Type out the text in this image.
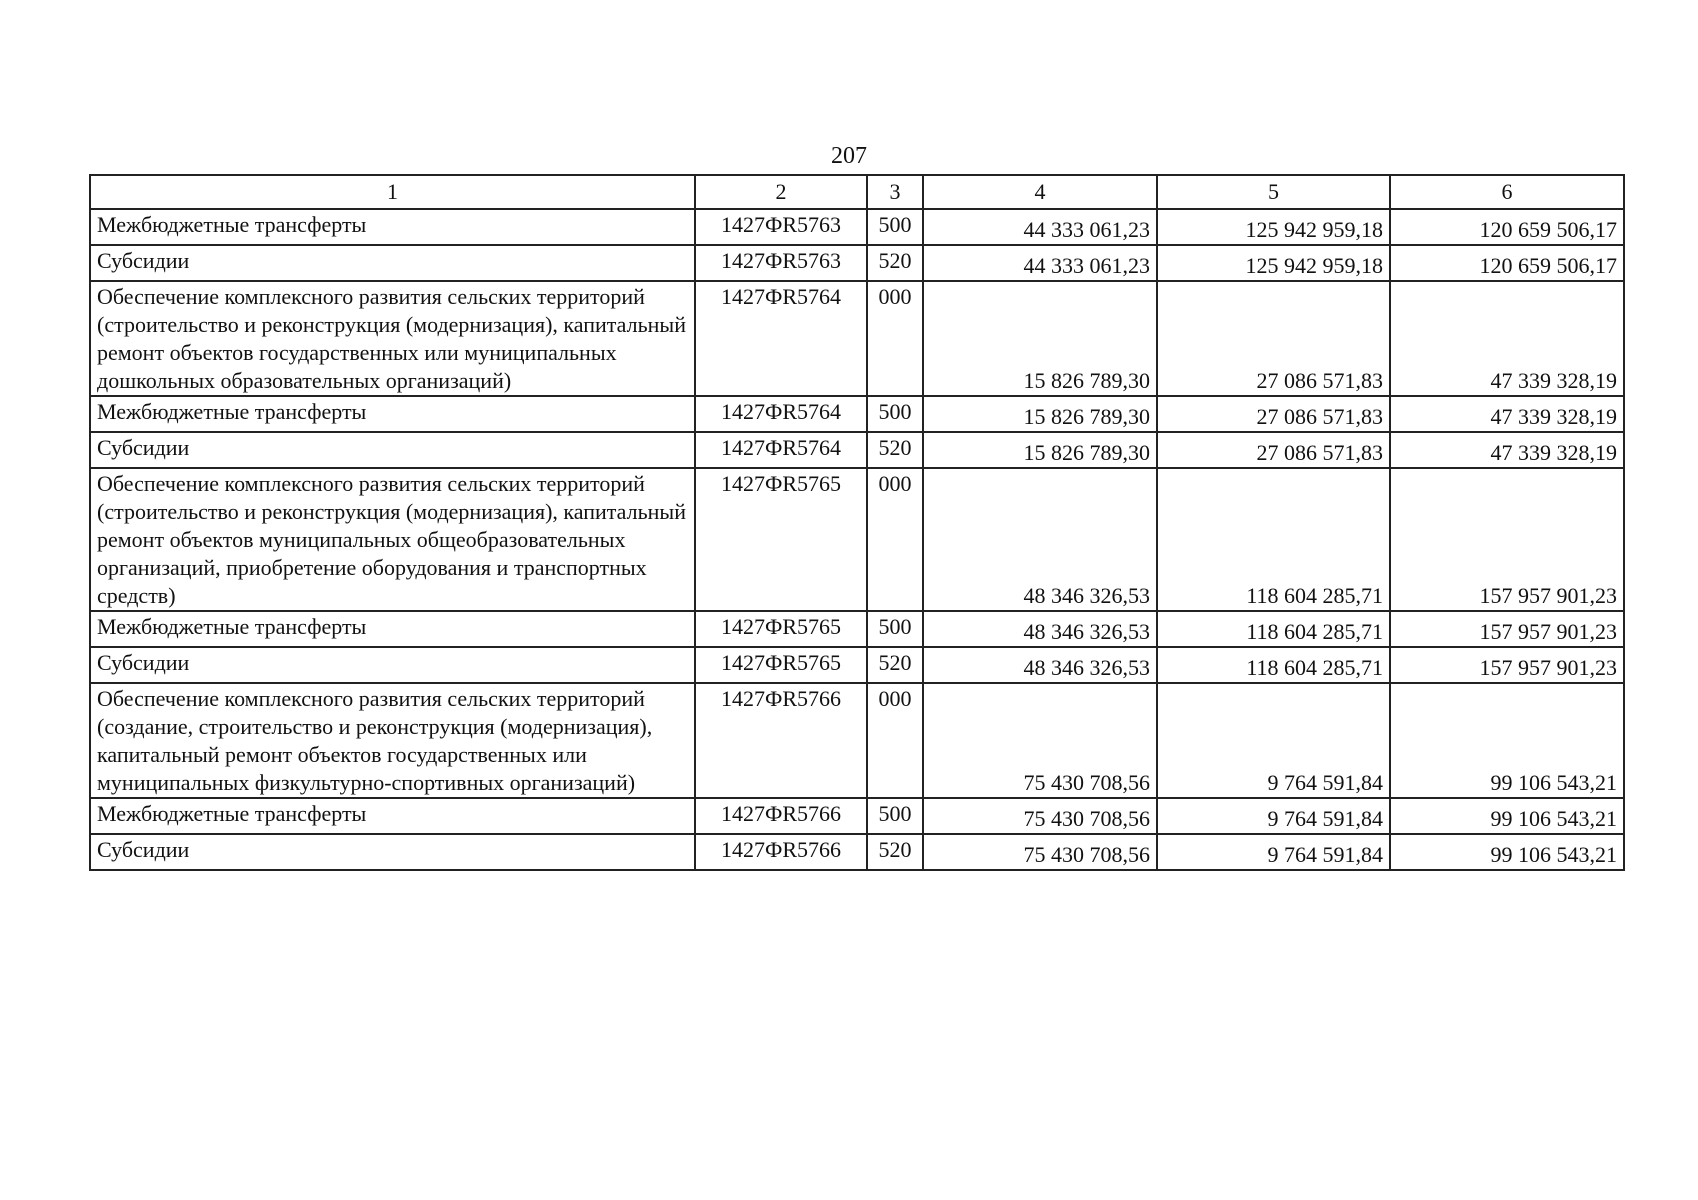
207
1	2	3	4	5	6
Межбюджетные трансферты	1427ФR5763	500	44 333 061,23	125 942 959,18	120 659 506,17
Субсидии	1427ФR5763	520	44 333 061,23	125 942 959,18	120 659 506,17
Обеспечение комплексного развития сельских территорий (строительство и реконструкция (модернизация), капитальный ремонт объектов государственных или муниципальных дошкольных образовательных организаций)	1427ФR5764	000	15 826 789,30	27 086 571,83	47 339 328,19
Межбюджетные трансферты	1427ФR5764	500	15 826 789,30	27 086 571,83	47 339 328,19
Субсидии	1427ФR5764	520	15 826 789,30	27 086 571,83	47 339 328,19
Обеспечение комплексного развития сельских территорий (строительство и реконструкция (модернизация), капитальный ремонт объектов муниципальных общеобразовательных организаций, приобретение оборудования и транспортных средств)	1427ФR5765	000	48 346 326,53	118 604 285,71	157 957 901,23
Межбюджетные трансферты	1427ФR5765	500	48 346 326,53	118 604 285,71	157 957 901,23
Субсидии	1427ФR5765	520	48 346 326,53	118 604 285,71	157 957 901,23
Обеспечение комплексного развития сельских территорий (создание, строительство и реконструкция (модернизация), капитальный ремонт объектов государственных или муниципальных физкультурно-спортивных организаций)	1427ФR5766	000	75 430 708,56	9 764 591,84	99 106 543,21
Межбюджетные трансферты	1427ФR5766	500	75 430 708,56	9 764 591,84	99 106 543,21
Субсидии	1427ФR5766	520	75 430 708,56	9 764 591,84	99 106 543,21
